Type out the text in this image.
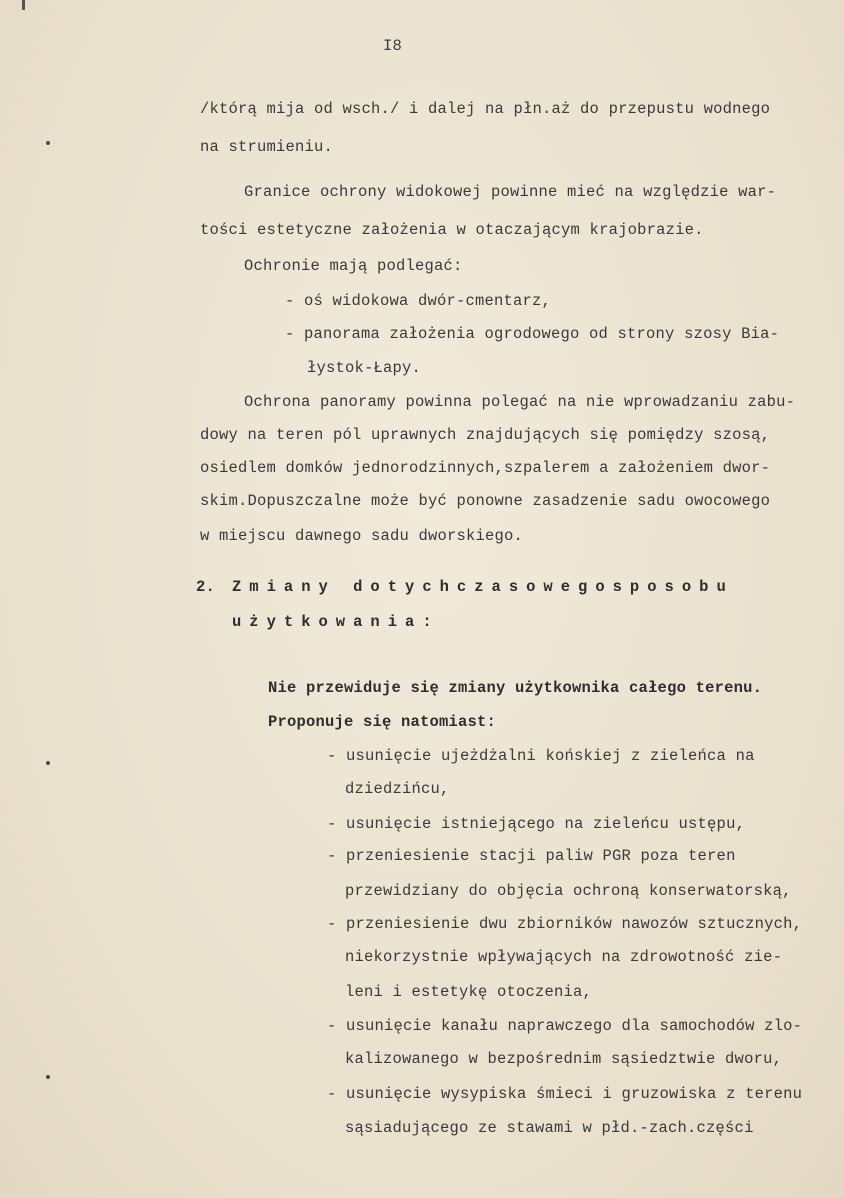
I8
/którą mija od wsch./ i dalej na płn.aż do przepustu wodnego
na strumieniu.
Granice ochrony widokowej powinne mieć na względzie war-
tości estetyczne założenia w otaczającym krajobrazie.
Ochronie mają podlegać:
- oś widokowa dwór-cmentarz,
- panorama założenia ogrodowego od strony szosy Bia-
łystok-Łapy.
Ochrona panoramy powinna polegać na nie wprowadzaniu zabu-
dowy na teren pól uprawnych znajdujących się pomiędzy szosą,
osiedlem domków jednorodzinnych,szpalerem a założeniem dwor-
skim.Dopuszczalne może być ponowne zasadzenie sadu owocowego
w miejscu dawnego sadu dworskiego.
2. Zmiany dotychczasowegosposobu
użytkowania:
Nie przewiduje się zmiany użytkownika całego terenu.
Proponuje się natomiast:
- usunięcie ujeżdżalni końskiej z zieleńca na
dziedzińcu,
- usunięcie istniejącego na zieleńcu ustępu,
- przeniesienie stacji paliw PGR poza teren
przewidziany do objęcia ochroną konserwatorską,
- przeniesienie dwu zbiorników nawozów sztucznych,
niekorzystnie wpływających na zdrowotność zie-
leni i estetykę otoczenia,
- usunięcie kanału naprawczego dla samochodów zlo-
kalizowanego w bezpośrednim sąsiedztwie dworu,
- usunięcie wysypiska śmieci i gruzowiska z terenu
sąsiadującego ze stawami w płd.-zach.części
